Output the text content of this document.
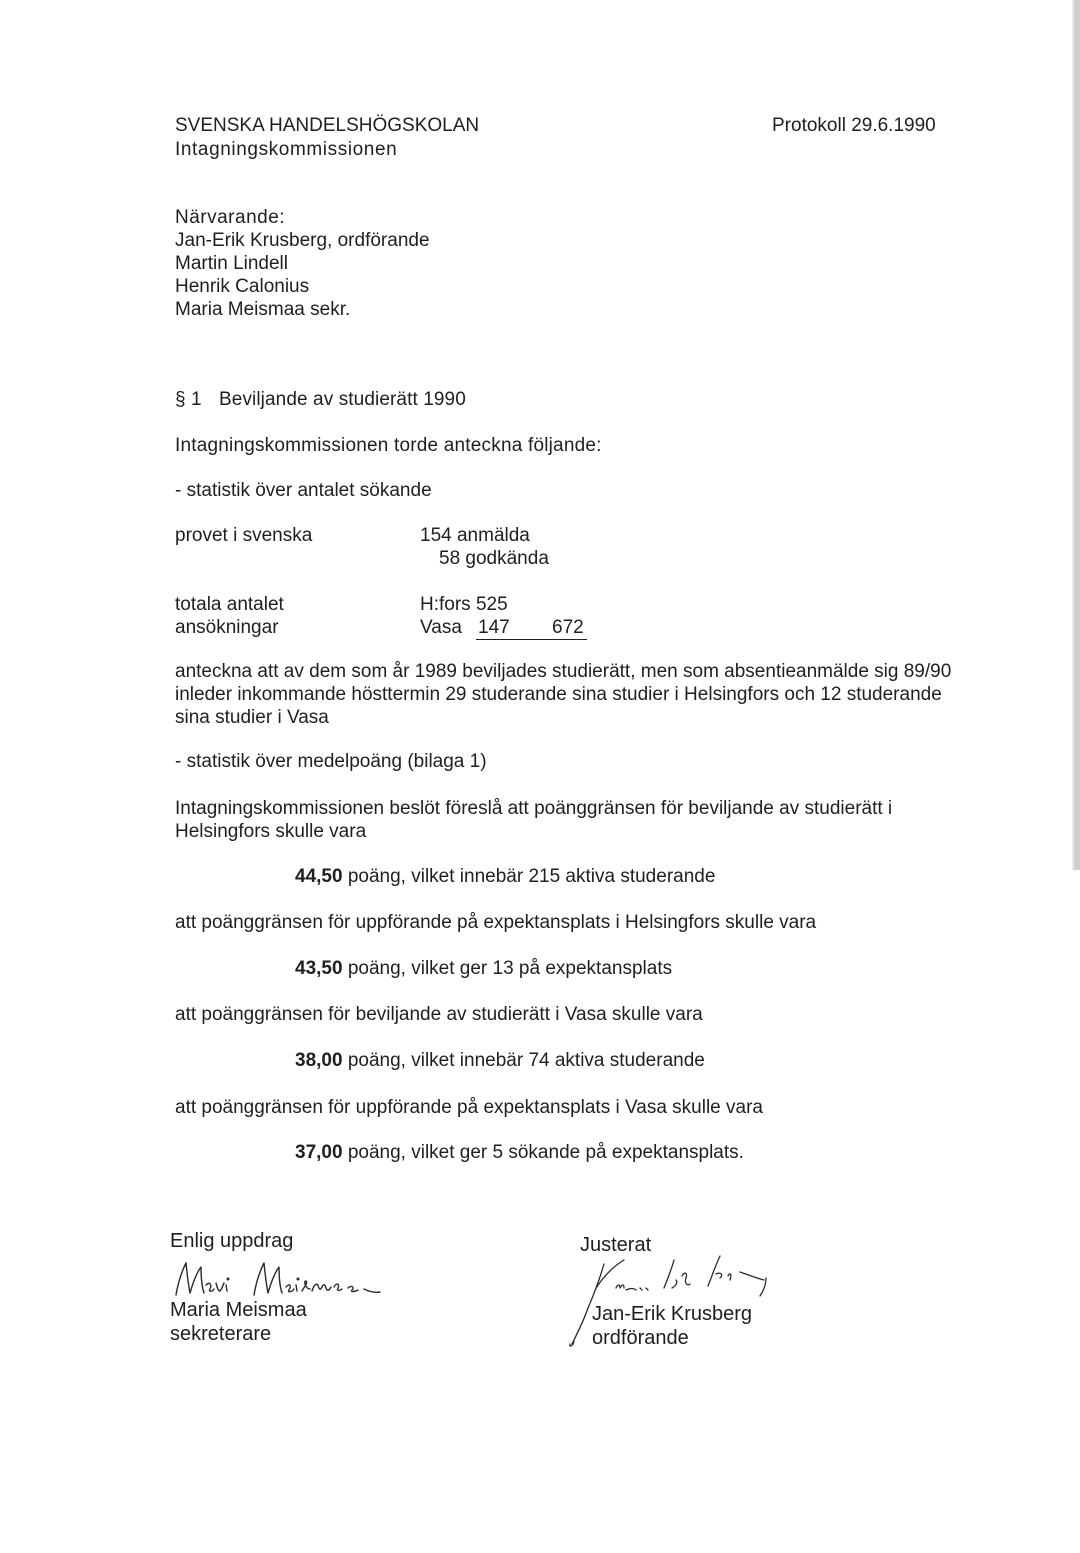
SVENSKA HANDELSHÖGSKOLAN
Intagningskommissionen
Protokoll 29.6.1990
Närvarande:
Jan-Erik Krusberg, ordförande
Martin Lindell
Henrik Calonius
Maria Meismaa sekr.
§ 1 Beviljande av studierätt 1990
Intagningskommissionen torde anteckna följande:
- statistik över antalet sökande
provet i svenska	154 anmälda
58 godkända
totala antalet
ansökningar
H:fors 525
Vasa 147 672
anteckna att av dem som år 1989 beviljades studierätt, men som absentieanmälde sig 89/90 inleder inkommande hösttermin 29 studerande sina studier i Helsingfors och 12 studerande sina studier i Vasa
- statistik över medelpoäng (bilaga 1)
Intagningskommissionen beslöt föreslå att poänggränsen för beviljande av studierätt i Helsingfors skulle vara
44,50 poäng, vilket innebär 215 aktiva studerande
att poänggränsen för uppförande på expektansplats i Helsingfors skulle vara
43,50 poäng, vilket ger 13 på expektansplats
att poänggränsen för beviljande av studierätt i Vasa skulle vara
38,00 poäng, vilket innebär 74 aktiva studerande
att poänggränsen för uppförande på expektansplats i Vasa skulle vara
37,00 poäng, vilket ger 5 sökande på expektansplats.
Enlig uppdrag
Maria Meismaa
sekreterare
Justerat
Jan-Erik Krusberg
ordförande
